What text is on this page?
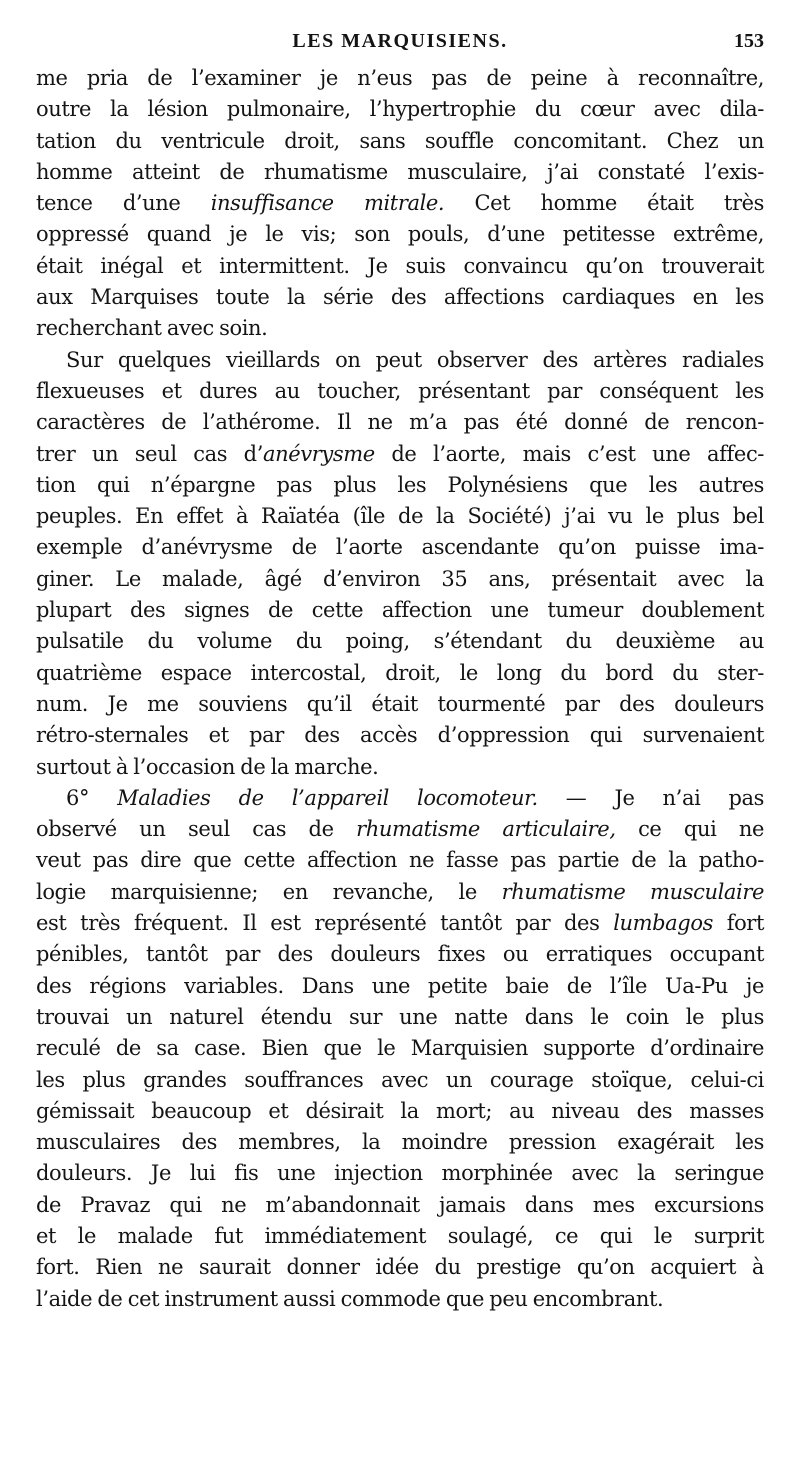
LES MARQUISIENS.	153
me pria de l’examiner je n’eus pas de peine à reconnaître,
outre la lésion pulmonaire, l’hypertrophie du cœur avec dila-
tation du ventricule droit, sans souffle concomitant. Chez un
homme atteint de rhumatisme musculaire, j’ai constaté l’exis-
tence d’une insuffisance mitrale. Cet homme était très
oppressé quand je le vis; son pouls, d’une petitesse extrême,
était inégal et intermittent. Je suis convaincu qu’on trouverait
aux Marquises toute la série des affections cardiaques en les
recherchant avec soin.
Sur quelques vieillards on peut observer des artères radiales
flexueuses et dures au toucher, présentant par conséquent les
caractères de l’athérome. Il ne m’a pas été donné de rencon-
trer un seul cas d’anévrysme de l’aorte, mais c’est une affec-
tion qui n’épargne pas plus les Polynésiens que les autres
peuples. En effet à Raïatéa (île de la Société) j’ai vu le plus bel
exemple d’anévrysme de l’aorte ascendante qu’on puisse ima-
giner. Le malade, âgé d’environ 35 ans, présentait avec la
plupart des signes de cette affection une tumeur doublement
pulsatile du volume du poing, s’étendant du deuxième au
quatrième espace intercostal, droit, le long du bord du ster-
num. Je me souviens qu’il était tourmenté par des douleurs
rétro-sternales et par des accès d’oppression qui survenaient
surtout à l’occasion de la marche.
6° Maladies de l’appareil locomoteur. — Je n’ai pas
observé un seul cas de rhumatisme articulaire, ce qui ne
veut pas dire que cette affection ne fasse pas partie de la patho-
logie marquisienne; en revanche, le rhumatisme musculaire
est très fréquent. Il est représenté tantôt par des lumbagos fort
pénibles, tantôt par des douleurs fixes ou erratiques occupant
des régions variables. Dans une petite baie de l’île Ua-Pu je
trouvai un naturel étendu sur une natte dans le coin le plus
reculé de sa case. Bien que le Marquisien supporte d’ordinaire
les plus grandes souffrances avec un courage stoïque, celui-ci
gémissait beaucoup et désirait la mort; au niveau des masses
musculaires des membres, la moindre pression exagérait les
douleurs. Je lui fis une injection morphinée avec la seringue
de Pravaz qui ne m’abandonnait jamais dans mes excursions
et le malade fut immédiatement soulagé, ce qui le surprit
fort. Rien ne saurait donner idée du prestige qu’on acquiert à
l’aide de cet instrument aussi commode que peu encombrant.
